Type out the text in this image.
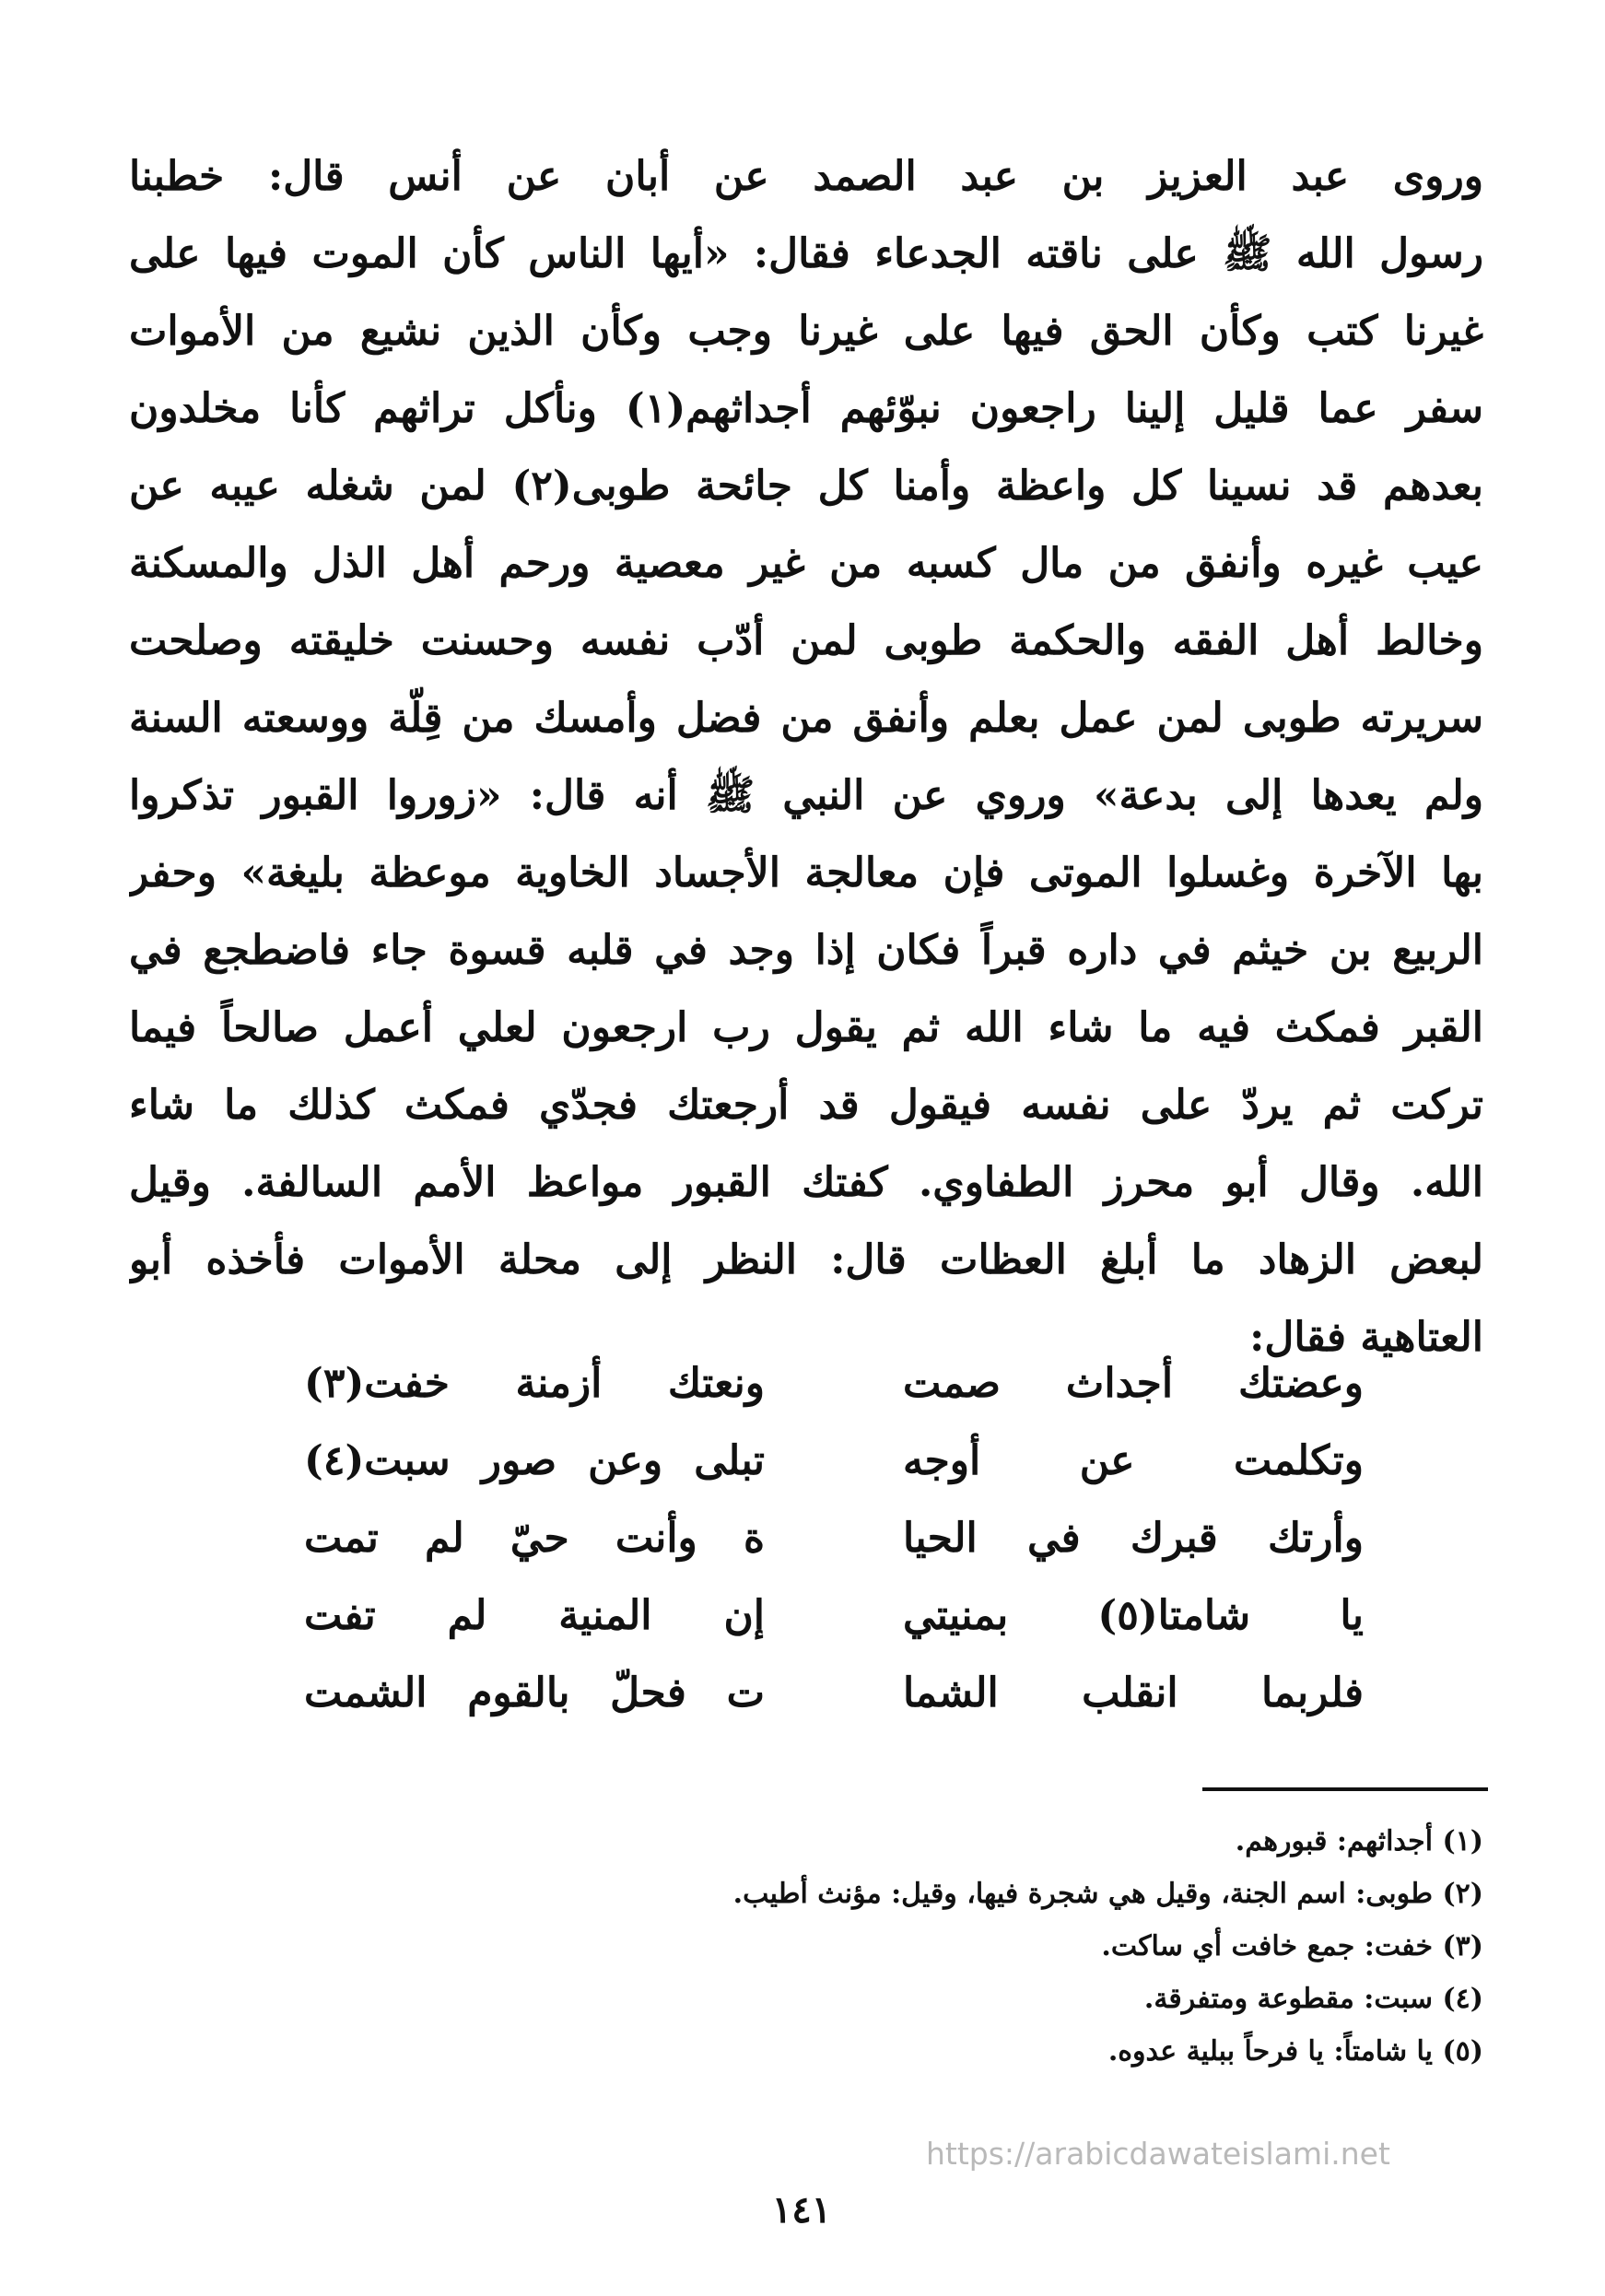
وروى عبد العزيز بن عبد الصمد عن أبان عن أنس قال: خطبنا
رسول الله ﷺ على ناقته الجدعاء فقال: «أيها الناس كأن الموت فيها على
غيرنا كتب وكأن الحق فيها على غيرنا وجب وكأن الذين نشيع من الأموات
سفر عما قليل إلينا راجعون نبوّئهم أجداثهم(١) ونأكل تراثهم كأنا مخلدون
بعدهم قد نسينا كل واعظة وأمنا كل جائحة طوبى(٢) لمن شغله عيبه عن
عيب غيره وأنفق من مال كسبه من غير معصية ورحم أهل الذل والمسكنة
وخالط أهل الفقه والحكمة طوبى لمن أدّب نفسه وحسنت خليقته وصلحت
سريرته طوبى لمن عمل بعلم وأنفق من فضل وأمسك من قِلّة ووسعته السنة
ولم يعدها إلى بدعة» وروي عن النبي ﷺ أنه قال: «زوروا القبور تذكروا
بها الآخرة وغسلوا الموتى فإن معالجة الأجساد الخاوية موعظة بليغة» وحفر
الربيع بن خيثم في داره قبراً فكان إذا وجد في قلبه قسوة جاء فاضطجع في
القبر فمكث فيه ما شاء الله ثم يقول رب ارجعون لعلي أعمل صالحاً فيما
تركت ثم يردّ على نفسه فيقول قد أرجعتك فجدّي فمكث كذلك ما شاء
الله. وقال أبو محرز الطفاوي. كفتك القبور مواعظ الأمم السالفة. وقيل
لبعض الزهاد ما أبلغ العظات قال: النظر إلى محلة الأموات فأخذه أبو
العتاهية فقال:
وعضتك أجداث صمت
ونعتك أزمنة خفت(٣)
وتكلمت عن أوجه
تبلى وعن صور سبت(٤)
وأرتك قبرك في الحيا
ة وأنت حيّ لم تمت
يا شامتا(٥) بمنيتي
إن المنية لم تفت
فلربما انقلب الشما
ت فحلّ بالقوم الشمت
(١) أجداثهم: قبورهم.
(٢) طوبى: اسم الجنة، وقيل هي شجرة فيها، وقيل: مؤنث أطيب.
(٣) خفت: جمع خافت أي ساكت.
(٤) سبت: مقطوعة ومتفرقة.
(٥) يا شامتاً: يا فرحاً ببلية عدوه.
https://arabicdawateislami.net
١٤١
